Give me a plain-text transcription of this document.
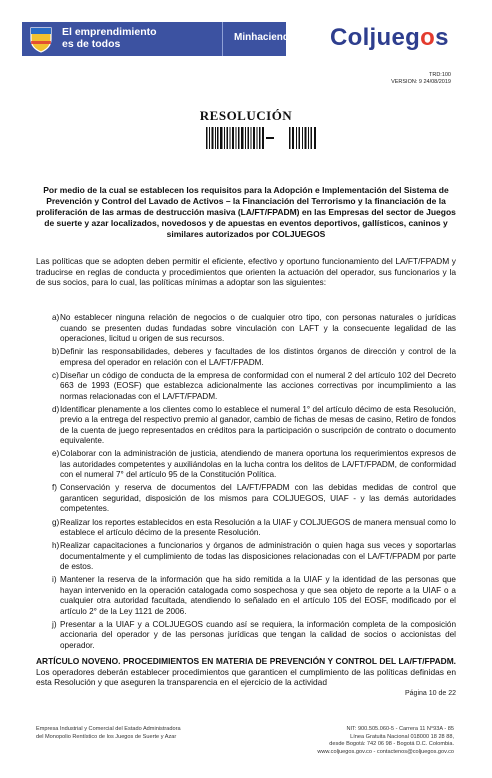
El emprendimiento
es de todos
Minhacienda Coljuegos
TRD:100
VERSION: 9 24/08/2019
RESOLUCIÓN
Por medio de la cual se establecen los requisitos para la Adopción e Implementación del Sistema de Prevención y Control del Lavado de Activos – la Financiación del Terrorismo y la financiación de la proliferación de las armas de destrucción masiva (LA/FT/FPADM) en las Empresas del sector de Juegos de suerte y azar localizados, novedosos y de apuestas en eventos deportivos, gallísticos, caninos y similares autorizados por COLJUEGOS
Las políticas que se adopten deben permitir el eficiente, efectivo y oportuno funcionamiento del LA/FT/FPADM y traducirse en reglas de conducta y procedimientos que orienten la actuación del operador, sus funcionarios y la de sus socios, para lo cual, las políticas mínimas a adoptar son las siguientes:
a) No establecer ninguna relación de negocios o de cualquier otro tipo, con personas naturales o jurídicas cuando se presenten dudas fundadas sobre vinculación con LAFT y la consecuente legalidad de las operaciones, licitud u origen de sus recursos.
b) Definir las responsabilidades, deberes y facultades de los distintos órganos de dirección y control de la empresa del operador en relación con el LA/FT/FPADM.
c) Diseñar un código de conducta de la empresa de conformidad con el numeral 2 del artículo 102 del Decreto 663 de 1993 (EOSF) que establezca adicionalmente las acciones correctivas por incumplimiento a las normas relacionadas con el LA/FT/FPADM.
d) Identificar plenamente a los clientes como lo establece el numeral 1° del artículo décimo de esta Resolución, previo a la entrega del respectivo premio al ganador, cambio de fichas de mesas de casino, Retiro de fondos de la cuenta de juego representados en créditos para la participación o suscripción de contrato o documento equivalente.
e) Colaborar con la administración de justicia, atendiendo de manera oportuna los requerimientos expresos de las autoridades competentes y auxiliándolas en la lucha contra los delitos de LA/FT/FPADM, de conformidad con el numeral 7° del artículo 95 de la Constitución Política.
f) Conservación y reserva de documentos del LA/FT/FPADM con las debidas medidas de control que garanticen seguridad, disposición de los mismos para COLJUEGOS, UIAF - y las demás autoridades competentes.
g) Realizar los reportes establecidos en esta Resolución a la UIAF y COLJUEGOS de manera mensual como lo establece el artículo décimo de la presente Resolución.
h) Realizar capacitaciones a funcionarios y órganos de administración o quien haga sus veces y soportarlas documentalmente y el cumplimiento de todas las disposiciones relacionadas con el LA/FT/FPADM por parte de estos.
i) Mantener la reserva de la información que ha sido remitida a la UIAF y la identidad de las personas que hayan intervenido en la operación catalogada como sospechosa y que sea objeto de reporte a la UIAF o a cualquier otra autoridad facultada, atendiendo lo señalado en el artículo 105 del EOSF, modificado por el artículo 2° de la Ley 1121 de 2006.
j) Presentar a la UIAF y a COLJUEGOS cuando así se requiera, la información completa de la composición accionaria del operador y de las personas jurídicas que tengan la calidad de socios o accionistas del operador.
ARTÍCULO NOVENO. PROCEDIMIENTOS EN MATERIA DE PREVENCIÓN Y CONTROL DEL LA/FT/FPADM. Los operadores deberán establecer procedimientos que garanticen el cumplimiento de las políticas definidas en esta Resolución y que aseguren la transparencia en el ejercicio de la actividad
Página 10 de 22
Empresa Industrial y Comercial del Estado Administradora
del Monopolio Rentístico de los Juegos de Suerte y Azar
NIT: 900.505.060-5 - Carrera 11 N°93A - 85
Línea Gratuita Nacional 018000 18 28 88,
desde Bogotá: 742 06 98 - Bogotá D.C. Colombia.
www.coljuegos.gov.co - contactenos@coljuegos.gov.co
